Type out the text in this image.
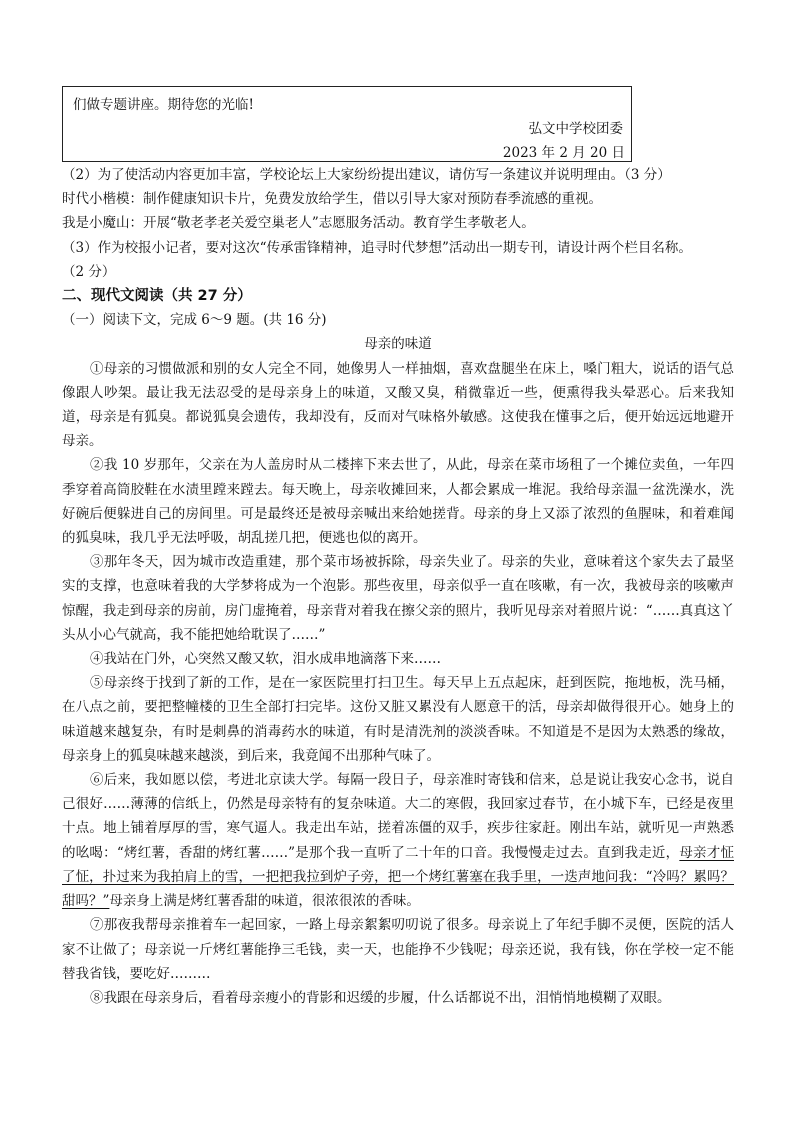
们做专题讲座。期待您的光临!
弘文中学校团委
2023 年 2 月 20 日
（2）为了使活动内容更加丰富，学校论坛上大家纷纷提出建议，请仿写一条建议并说明理由。（3 分）
时代小楷模：制作健康知识卡片，免费发放给学生，借以引导大家对预防春季流感的重视。
我是小魔山：开展“敬老孝老关爱空巢老人”志愿服务活动。教育学生孝敬老人。
（3）作为校报小记者，要对这次“传承雷锋精神，追寻时代梦想”活动出一期专刊，请设计两个栏目名称。
（2 分）
二、现代文阅读（共 27 分）
（一）阅读下文，完成 6～9 题。(共 16 分)
母亲的味道

①母亲的习惯做派和别的女人完全不同，她像男人一样抽烟，喜欢盘腿坐在床上，嗓门粗大，说话的语气总像跟人吵架。最让我无法忍受的是母亲身上的味道，又酸又臭，稍微靠近一些，便熏得我头晕恶心。后来我知道，母亲是有狐臭。都说狐臭会遗传，我却没有，反而对气味格外敏感。这使我在懂事之后，便开始远远地避开母亲。

②我 10 岁那年，父亲在为人盖房时从二楼摔下来去世了，从此，母亲在菜市场租了一个摊位卖鱼，一年四季穿着高筒胶鞋在水渍里蹚来蹚去。每天晚上，母亲收摊回来，人都会累成一堆泥。我给母亲温一盆洗澡水，洗好碗后便躲进自己的房间里。可是最终还是被母亲喊出来给她搓背。母亲的身上又添了浓烈的鱼腥味，和着难闻的狐臭味，我几乎无法呼吸，胡乱搓几把，便逃也似的离开。

③那年冬天，因为城市改造重建，那个菜市场被拆除，母亲失业了。母亲的失业，意味着这个家失去了最坚实的支撑，也意味着我的大学梦将成为一个泡影。那些夜里，母亲似乎一直在咳嗽，有一次，我被母亲的咳嗽声惊醒，我走到母亲的房前，房门虚掩着，母亲背对着我在擦父亲的照片，我听见母亲对着照片说：“……真真这丫头从小心气就高，我不能把她给耽误了……”

④我站在门外，心突然又酸又软，泪水成串地滴落下来……

⑤母亲终于找到了新的工作，是在一家医院里打扫卫生。每天早上五点起床，赶到医院，拖地板，洗马桶，在八点之前，要把整幢楼的卫生全部打扫完毕。这份又脏又累没有人愿意干的活，母亲却做得很开心。她身上的味道越来越复杂，有时是刺鼻的消毒药水的味道，有时是清洗剂的淡淡香味。不知道是不是因为太熟悉的缘故，母亲身上的狐臭味越来越淡，到后来，我竟闻不出那种气味了。

⑥后来，我如愿以偿，考进北京读大学。每隔一段日子，母亲准时寄钱和信来，总是说让我安心念书，说自己很好……薄薄的信纸上，仍然是母亲特有的复杂味道。大二的寒假，我回家过春节，在小城下车，已经是夜里十点。地上铺着厚厚的雪，寒气逼人。我走出车站，搓着冻僵的双手，疾步往家赶。刚出车站，就听见一声熟悉的吆喝：“烤红薯，香甜的烤红薯……”是那个我一直听了二十年的口音。我慢慢走过去。直到我走近，母亲才怔了怔，扑过来为我拍肩上的雪，一把把我拉到炉子旁，把一个烤红薯塞在我手里，一迭声地问我：“冷吗？累吗？甜吗？”母亲身上满是烤红薯香甜的味道，很浓很浓的香味。

⑦那夜我帮母亲推着车一起回家，一路上母亲絮絮叨叨说了很多。母亲说上了年纪手脚不灵便，医院的活人家不让做了；母亲说一斤烤红薯能挣三毛钱，卖一天，也能挣不少钱呢；母亲还说，我有钱，你在学校一定不能替我省钱，要吃好………

⑧我跟在母亲身后，看着母亲瘦小的背影和迟缓的步履，什么话都说不出，泪悄悄地模糊了双眼。
